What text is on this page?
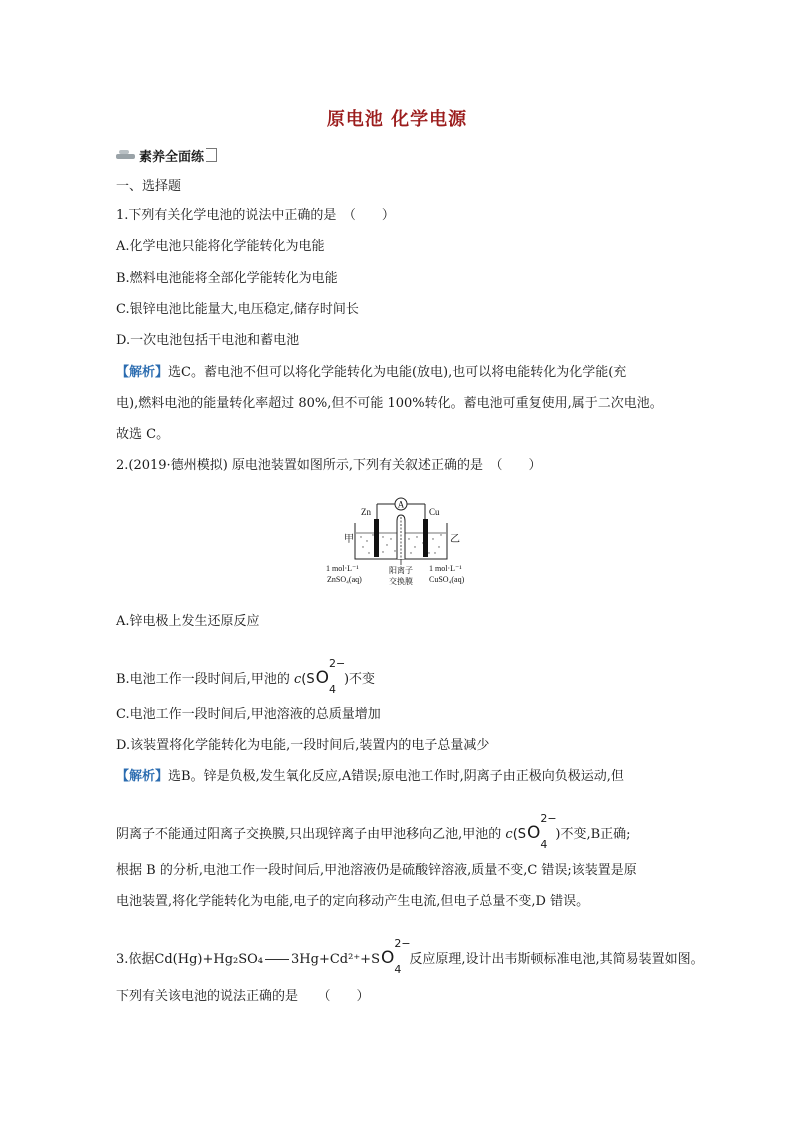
原电池 化学电源
素养全面练
一、选择题
1.下列有关化学电池的说法中正确的是　（　　）
A.化学电池只能将化学能转化为电能
B.燃料电池能将全部化学能转化为电能
C.银锌电池比能量大,电压稳定,储存时间长
D.一次电池包括干电池和蓄电池
【解析】选C。蓄电池不但可以将化学能转化为电能(放电),也可以将电能转化为化学能(充
电),燃料电池的能量转化率超过 80%,但不可能 100%转化。蓄电池可重复使用,属于二次电池。
故选 C。
2.(2019·德州模拟) 原电池装置如图所示,下列有关叙述正确的是　（　　）
A
Zn	Cu
甲	乙
1 mol·L⁻¹
ZnSO₄(aq)
阳离子
交换膜
1 mol·L⁻¹
CuSO₄(aq)
A.锌电极上发生还原反应
B.电池工作一段时间后,甲池的 c(SO
2−
4
)不变
C.电池工作一段时间后,甲池溶液的总质量增加
D.该装置将化学能转化为电能,一段时间后,装置内的电子总量减少
【解析】选B。锌是负极,发生氧化反应,A错误;原电池工作时,阴离子由正极向负极运动,但
阴离子不能通过阳离子交换膜,只出现锌离子由甲池移向乙池,甲池的 c(SO
2−
4
)不变,B正确;
根据 B 的分析,电池工作一段时间后,甲池溶液仍是硫酸锌溶液,质量不变,C 错误;该装置是原
电池装置,将化学能转化为电能,电子的定向移动产生电流,但电子总量不变,D 错误。
3.依据Cd(Hg)+Hg₂SO₄ 3Hg+Cd²⁺+SO
2−
4
反应原理,设计出韦斯顿标准电池,其简易装置如图。
下列有关该电池的说法正确的是　　（　　）
